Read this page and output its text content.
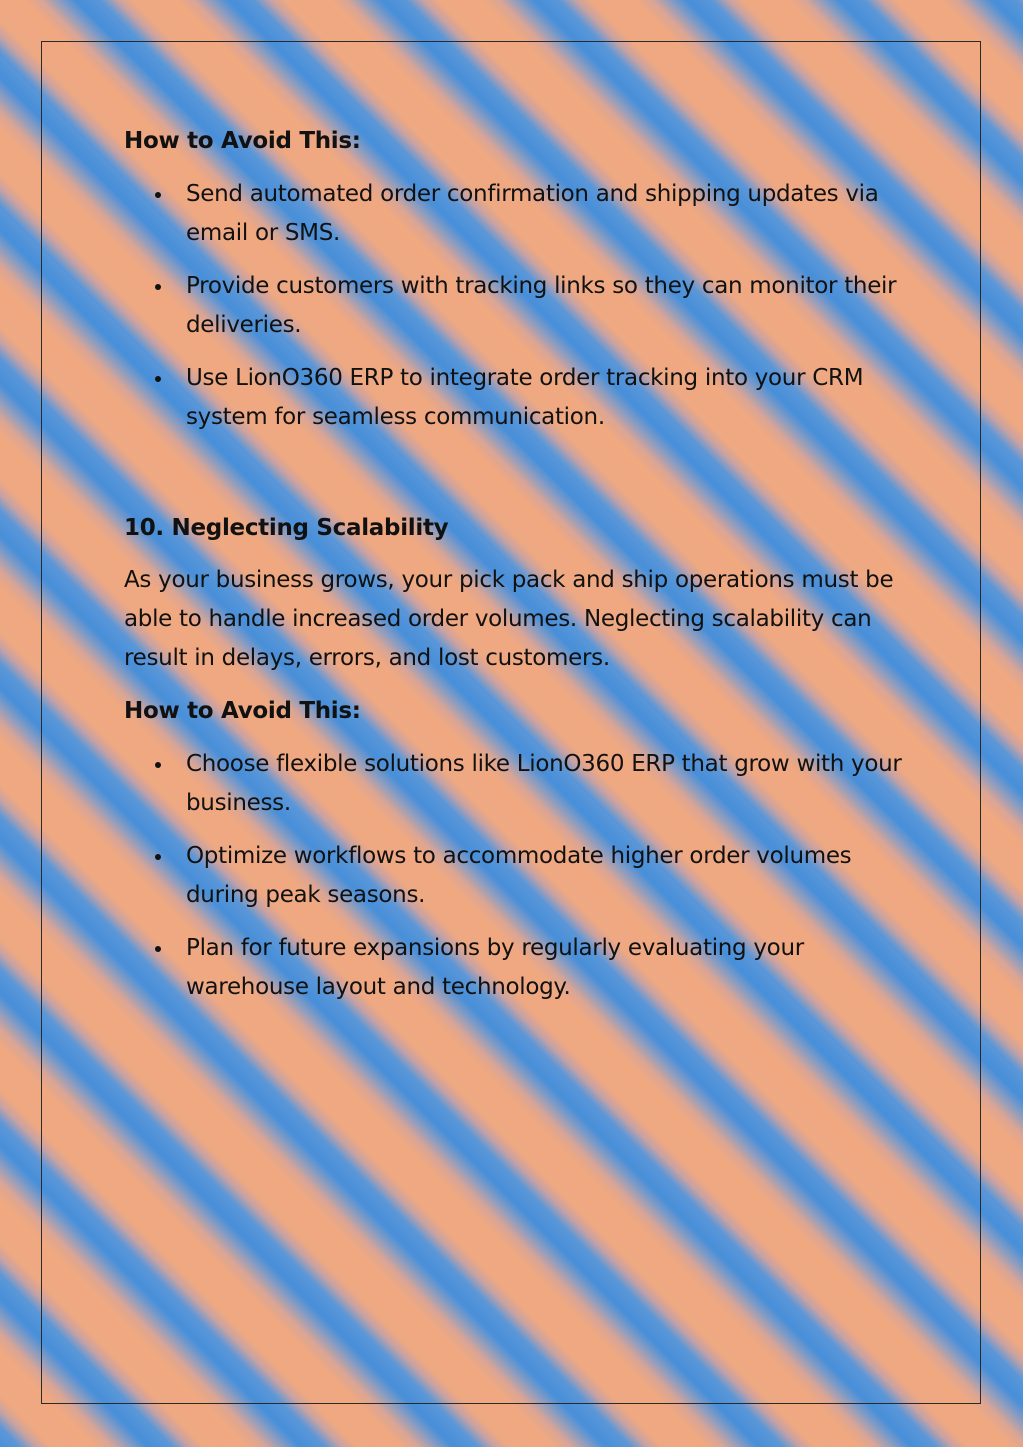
How to Avoid This:

Send automated order confirmation and shipping updates via email or SMS.
Provide customers with tracking links so they can monitor their deliveries.
Use LionO360 ERP to integrate order tracking into your CRM system for seamless communication.

10. Neglecting Scalability

As your business grows, your pick pack and ship operations must be able to handle increased order volumes. Neglecting scalability can result in delays, errors, and lost customers.

How to Avoid This:

Choose flexible solutions like LionO360 ERP that grow with your business.
Optimize workflows to accommodate higher order volumes during peak seasons.
Plan for future expansions by regularly evaluating your warehouse layout and technology.
